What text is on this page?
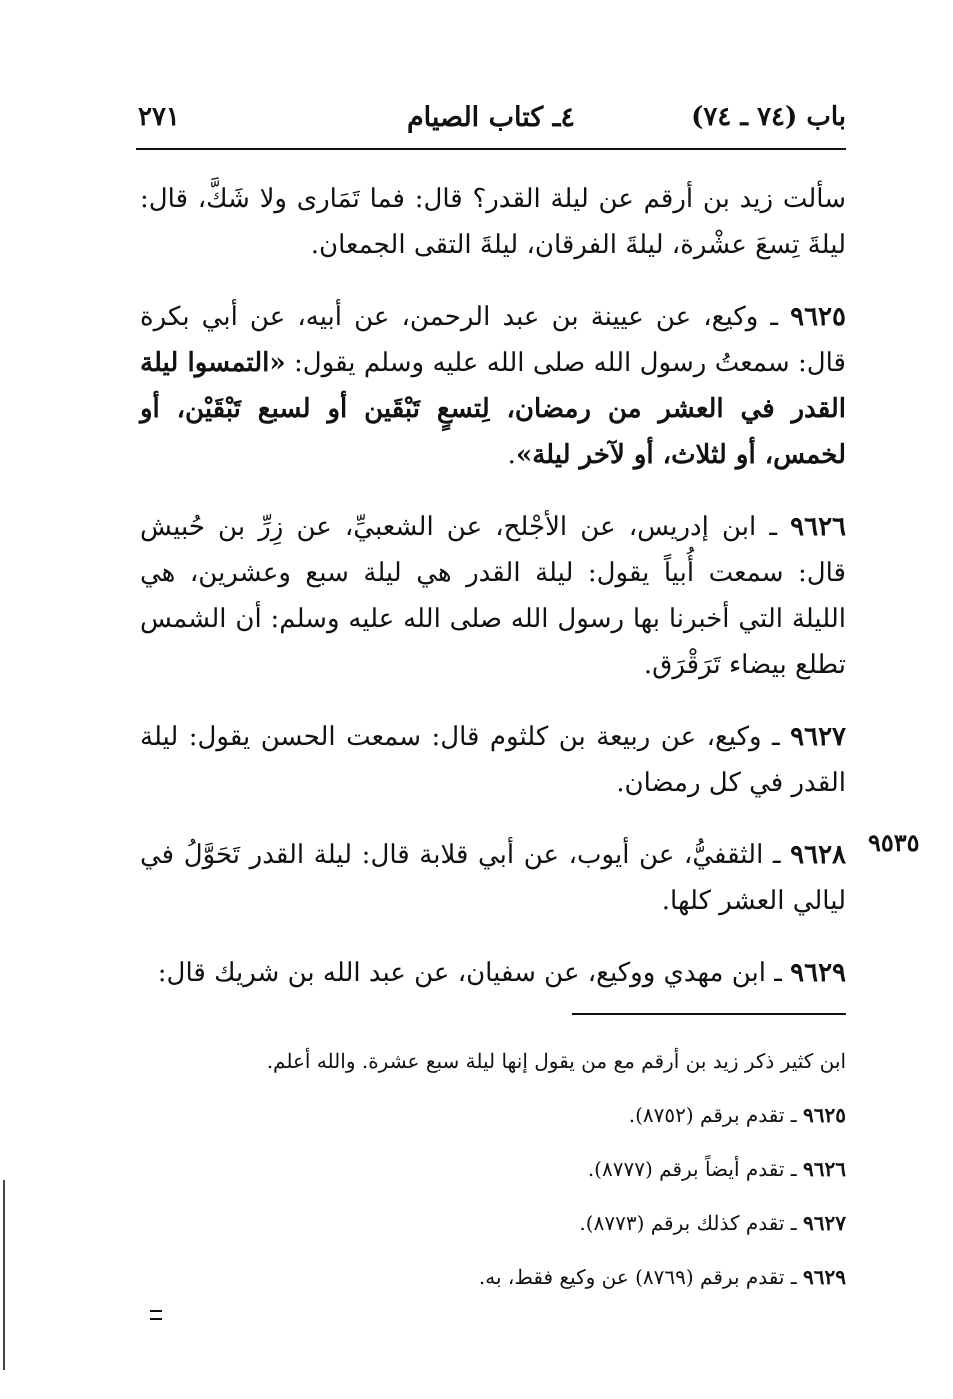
باب (٧٤ ـ ٧٤)
٤ـ كتاب الصيام
٢٧١
٩٥٣٥

سألت زيد بن أرقم عن ليلة القدر؟ قال: فما تَمَارى ولا شَكَّ، قال: ليلةَ تِسعَ عشْرة، ليلةَ الفرقان، ليلةَ التقى الجمعان.

٩٦٢٥ ـ وكيع، عن عيينة بن عبد الرحمن، عن أبيه، عن أبي بكرة قال: سمعتُ رسول الله صلى الله عليه وسلم يقول: «التمسوا ليلة القدر في العشر من رمضان، لِتسعٍ تَبْقَين أو لسبع تَبْقَيْن، أو لخمس، أو لثلاث، أو لآخر ليلة».

٩٦٢٦ ـ ابن إدريس، عن الأجْلح، عن الشعبيِّ، عن زِرِّ بن حُبيش قال: سمعت أُبياً يقول: ليلة القدر هي ليلة سبع وعشرين، هي الليلة التي أخبرنا بها رسول الله صلى الله عليه وسلم: أن الشمس تطلع بيضاء تَرَقْرَق.

٩٦٢٧ ـ وكيع، عن ربيعة بن كلثوم قال: سمعت الحسن يقول: ليلة القدر في كل رمضان.

٩٦٢٨ ـ الثقفيُّ، عن أيوب، عن أبي قلابة قال: ليلة القدر تَحَوَّلُ في ليالي العشر كلها.

٩٦٢٩ ـ ابن مهدي ووكيع، عن سفيان، عن عبد الله بن شريك قال:

ابن كثير ذكر زيد بن أرقم مع من يقول إنها ليلة سبع عشرة. والله أعلم.

٩٦٢٥ ـ تقدم برقم (٨٧٥٢).

٩٦٢٦ ـ تقدم أيضاً برقم (٨٧٧٧).

٩٦٢٧ ـ تقدم كذلك برقم (٨٧٧٣).

٩٦٢٩ ـ تقدم برقم (٨٧٦٩) عن وكيع فقط، به.
